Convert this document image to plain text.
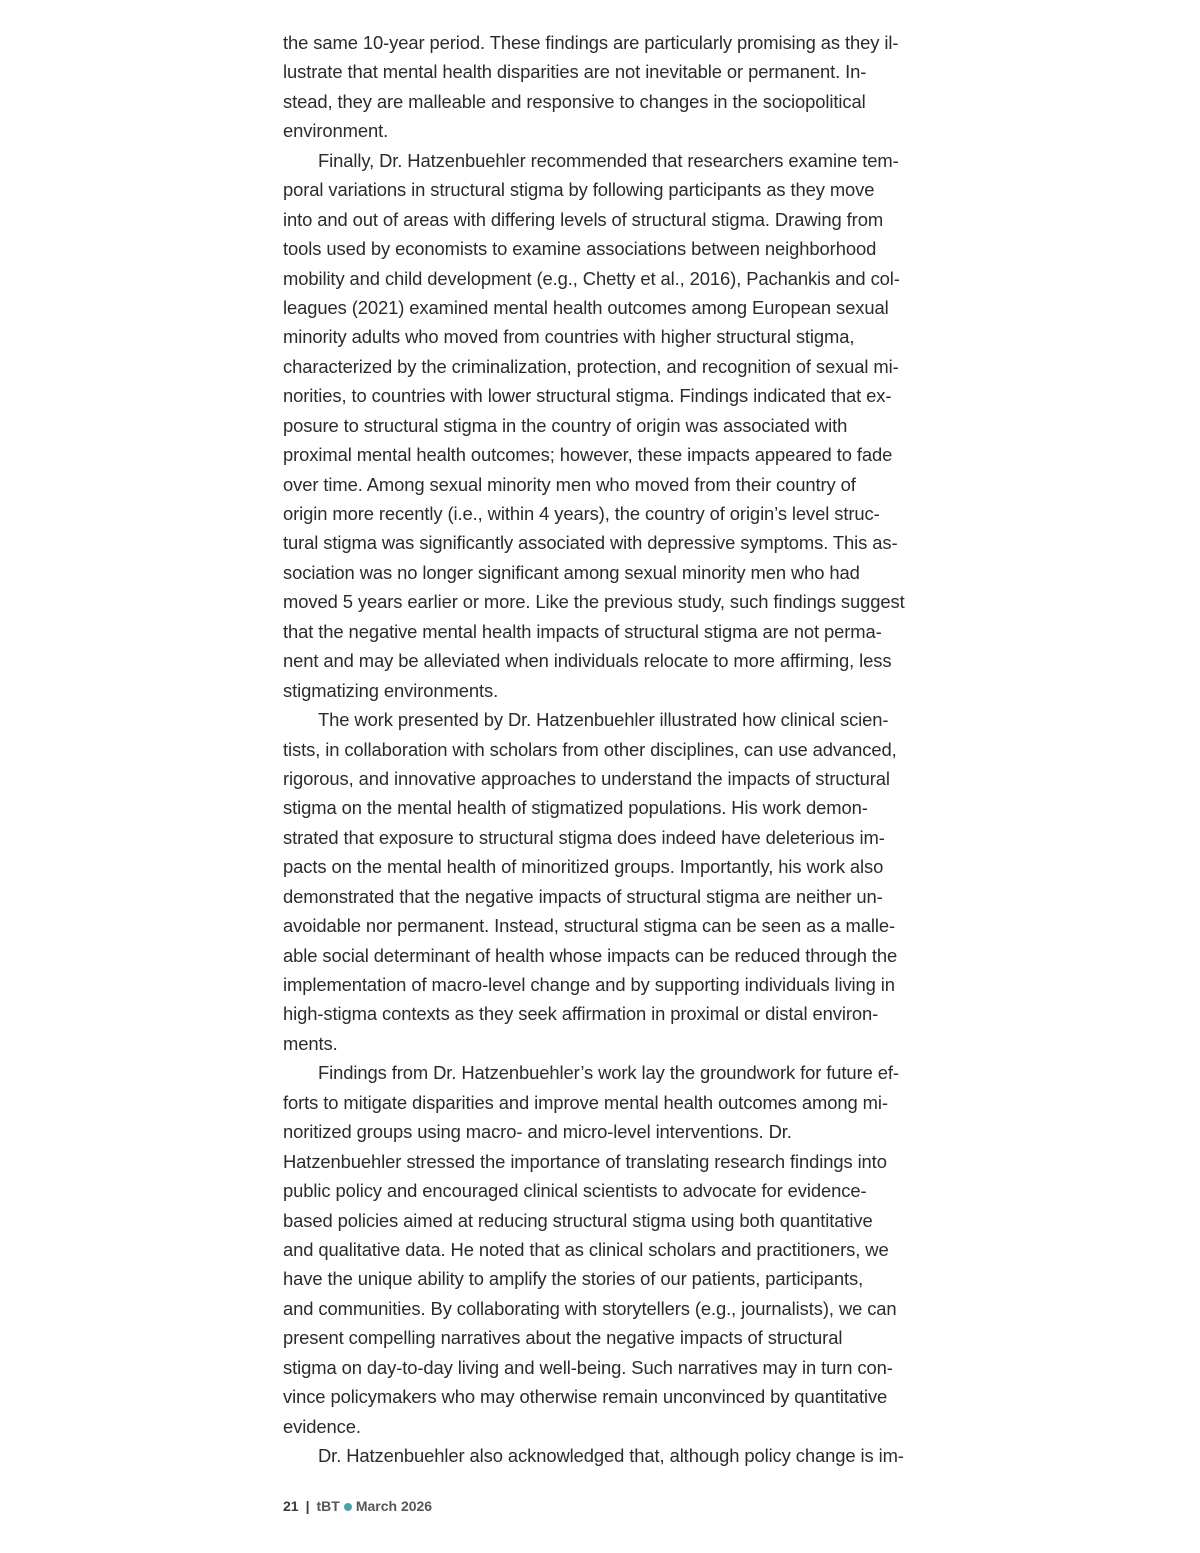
the same 10-year period. These findings are particularly promising as they il-
lustrate that mental health disparities are not inevitable or permanent. In-
stead, they are malleable and responsive to changes in the sociopolitical
environment.
Finally, Dr. Hatzenbuehler recommended that researchers examine tem-
poral variations in structural stigma by following participants as they move
into and out of areas with differing levels of structural stigma. Drawing from
tools used by economists to examine associations between neighborhood
mobility and child development (e.g., Chetty et al., 2016), Pachankis and col-
leagues (2021) examined mental health outcomes among European sexual
minority adults who moved from countries with higher structural stigma,
characterized by the criminalization, protection, and recognition of sexual mi-
norities, to countries with lower structural stigma. Findings indicated that ex-
posure to structural stigma in the country of origin was associated with
proximal mental health outcomes; however, these impacts appeared to fade
over time. Among sexual minority men who moved from their country of
origin more recently (i.e., within 4 years), the country of origin’s level struc-
tural stigma was significantly associated with depressive symptoms. This as-
sociation was no longer significant among sexual minority men who had
moved 5 years earlier or more. Like the previous study, such findings suggest
that the negative mental health impacts of structural stigma are not perma-
nent and may be alleviated when individuals relocate to more affirming, less
stigmatizing environments.
The work presented by Dr. Hatzenbuehler illustrated how clinical scien-
tists, in collaboration with scholars from other disciplines, can use advanced,
rigorous, and innovative approaches to understand the impacts of structural
stigma on the mental health of stigmatized populations. His work demon-
strated that exposure to structural stigma does indeed have deleterious im-
pacts on the mental health of minoritized groups. Importantly, his work also
demonstrated that the negative impacts of structural stigma are neither un-
avoidable nor permanent. Instead, structural stigma can be seen as a malle-
able social determinant of health whose impacts can be reduced through the
implementation of macro-level change and by supporting individuals living in
high-stigma contexts as they seek affirmation in proximal or distal environ-
ments.
Findings from Dr. Hatzenbuehler’s work lay the groundwork for future ef-
forts to mitigate disparities and improve mental health outcomes among mi-
noritized groups using macro- and micro-level interventions. Dr.
Hatzenbuehler stressed the importance of translating research findings into
public policy and encouraged clinical scientists to advocate for evidence-
based policies aimed at reducing structural stigma using both quantitative
and qualitative data. He noted that as clinical scholars and practitioners, we
have the unique ability to amplify the stories of our patients, participants,
and communities. By collaborating with storytellers (e.g., journalists), we can
present compelling narratives about the negative impacts of structural
stigma on day-to-day living and well-being. Such narratives may in turn con-
vince policymakers who may otherwise remain unconvinced by quantitative
evidence.
Dr. Hatzenbuehler also acknowledged that, although policy change is im-
21 | tBT March 2026
